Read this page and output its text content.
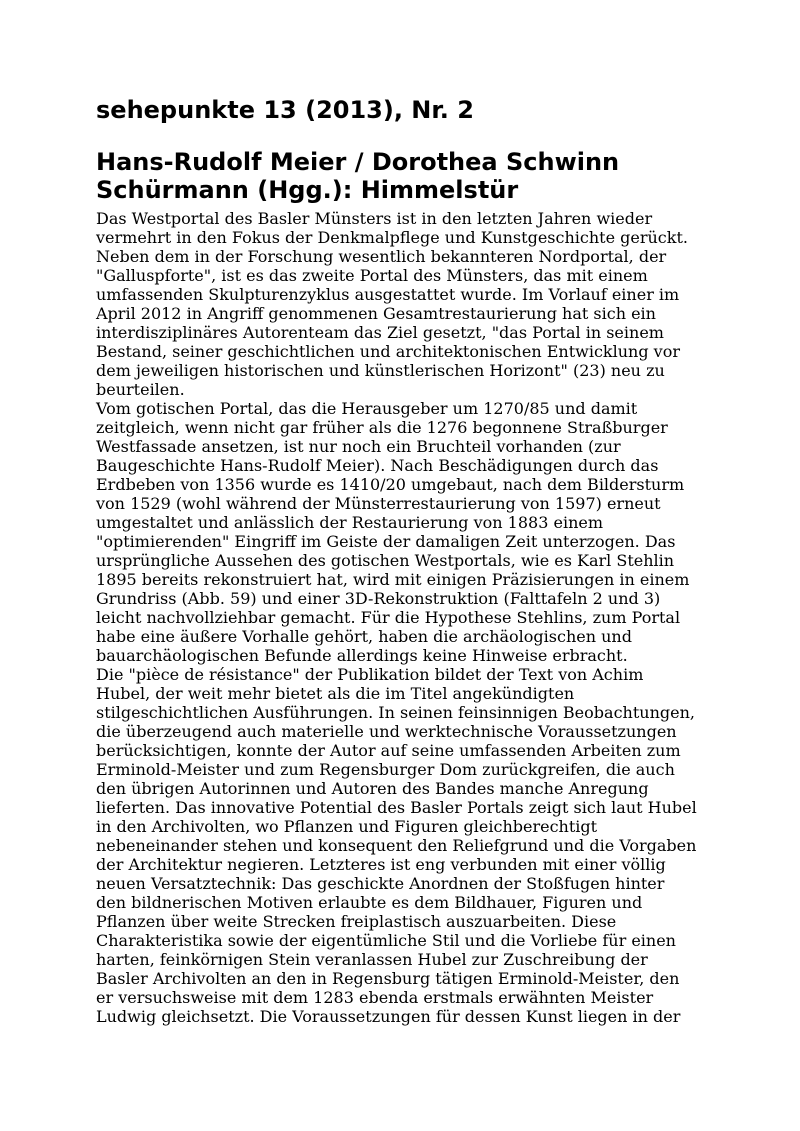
sehepunkte 13 (2013), Nr. 2
Hans-Rudolf Meier / Dorothea Schwinn
Schürmann (Hgg.): Himmelstür
Das Westportal des Basler Münsters ist in den letzten Jahren wieder
vermehrt in den Fokus der Denkmalpflege und Kunstgeschichte gerückt.
Neben dem in der Forschung wesentlich bekannteren Nordportal, der
"Galluspforte", ist es das zweite Portal des Münsters, das mit einem
umfassenden Skulpturenzyklus ausgestattet wurde. Im Vorlauf einer im
April 2012 in Angriff genommenen Gesamtrestaurierung hat sich ein
interdisziplinäres Autorenteam das Ziel gesetzt, "das Portal in seinem
Bestand, seiner geschichtlichen und architektonischen Entwicklung vor
dem jeweiligen historischen und künstlerischen Horizont" (23) neu zu
beurteilen.
Vom gotischen Portal, das die Herausgeber um 1270/85 und damit
zeitgleich, wenn nicht gar früher als die 1276 begonnene Straßburger
Westfassade ansetzen, ist nur noch ein Bruchteil vorhanden (zur
Baugeschichte Hans-Rudolf Meier). Nach Beschädigungen durch das
Erdbeben von 1356 wurde es 1410/20 umgebaut, nach dem Bildersturm
von 1529 (wohl während der Münsterrestaurierung von 1597) erneut
umgestaltet und anlässlich der Restaurierung von 1883 einem
"optimierenden" Eingriff im Geiste der damaligen Zeit unterzogen. Das
ursprüngliche Aussehen des gotischen Westportals, wie es Karl Stehlin
1895 bereits rekonstruiert hat, wird mit einigen Präzisierungen in einem
Grundriss (Abb. 59) und einer 3D-Rekonstruktion (Falttafeln 2 und 3)
leicht nachvollziehbar gemacht. Für die Hypothese Stehlins, zum Portal
habe eine äußere Vorhalle gehört, haben die archäologischen und
bauarchäologischen Befunde allerdings keine Hinweise erbracht.
Die "pièce de résistance" der Publikation bildet der Text von Achim
Hubel, der weit mehr bietet als die im Titel angekündigten
stilgeschichtlichen Ausführungen. In seinen feinsinnigen Beobachtungen,
die überzeugend auch materielle und werktechnische Voraussetzungen
berücksichtigen, konnte der Autor auf seine umfassenden Arbeiten zum
Erminold-Meister und zum Regensburger Dom zurückgreifen, die auch
den übrigen Autorinnen und Autoren des Bandes manche Anregung
lieferten. Das innovative Potential des Basler Portals zeigt sich laut Hubel
in den Archivolten, wo Pflanzen und Figuren gleichberechtigt
nebeneinander stehen und konsequent den Reliefgrund und die Vorgaben
der Architektur negieren. Letzteres ist eng verbunden mit einer völlig
neuen Versatztechnik: Das geschickte Anordnen der Stoßfugen hinter
den bildnerischen Motiven erlaubte es dem Bildhauer, Figuren und
Pflanzen über weite Strecken freiplastisch auszuarbeiten. Diese
Charakteristika sowie der eigentümliche Stil und die Vorliebe für einen
harten, feinkörnigen Stein veranlassen Hubel zur Zuschreibung der
Basler Archivolten an den in Regensburg tätigen Erminold-Meister, den
er versuchsweise mit dem 1283 ebenda erstmals erwähnten Meister
Ludwig gleichsetzt. Die Voraussetzungen für dessen Kunst liegen in der
